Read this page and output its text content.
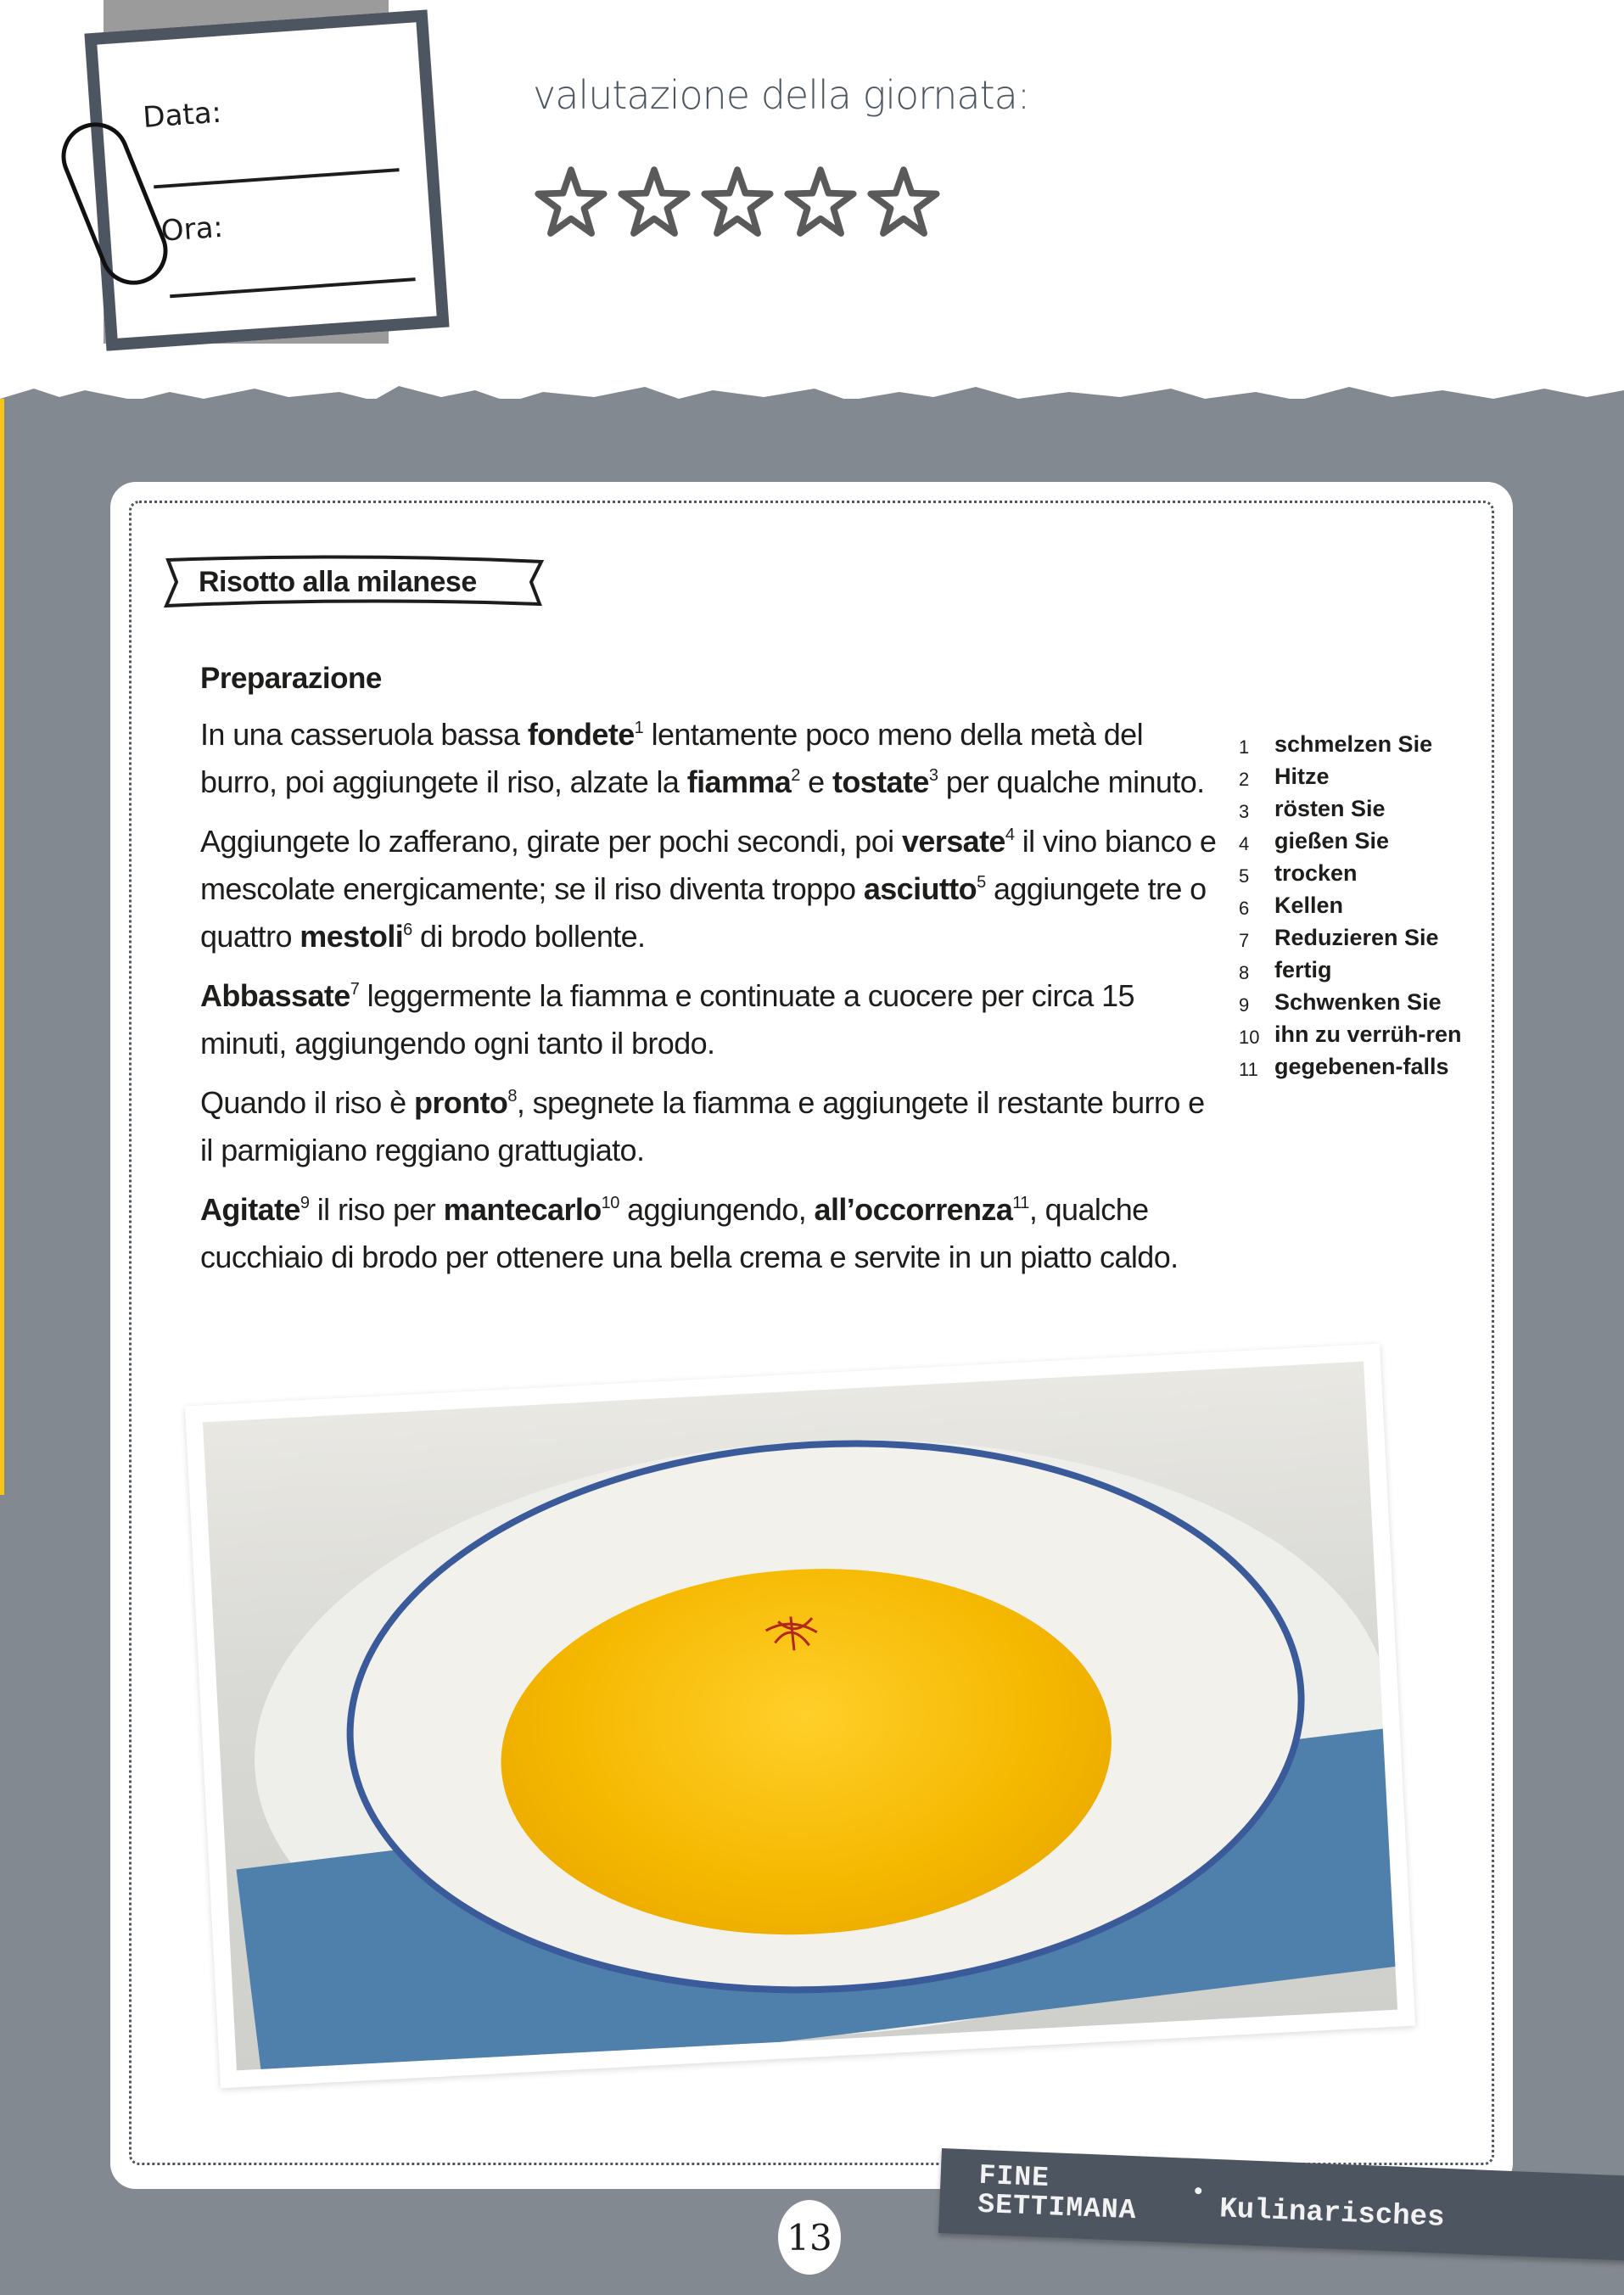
Data:
Ora:
valutazione della giornata:
Risotto alla milanese
Preparazione

In una casseruola bassa fondete$^1$ lentamente poco meno della metà del burro, poi aggiungete il riso, alzate la fiamma$^2$ e tostate$^3$ per qualche minuto.

Aggiungete lo zafferano, girate per pochi secondi, poi versate$^4$ il vino bianco e mescolate energicamente; se il riso diventa troppo asciutto$^5$ aggiungete tre o quattro mestoli$^6$ di brodo bollente.

Abbassate$^7$ leggermente la fiamma e continuate a cuocere per circa 15 minuti, aggiungendo ogni tanto il brodo.

Quando il riso è pronto$^8$, spegnete la fiamma e aggiungete il restante burro e il parmigiano reggiano grattugiato.

Agitate$^9$ il riso per mantecarlo$^{10}$ aggiungendo, all’occorrenza$^{11}$, qualche cucchiaio di brodo per ottenere una bella crema e servite in un piatto caldo.

1	schmelzen Sie
2	Hitze
3	rösten Sie
4	gießen Sie
5	trocken
6	Kellen
7	Reduzieren Sie
8	fertig
9	Schwenken Sie
10 ihn zu verrüh-ren
11 gegebenen-falls
13
FINE
SETTIMANA	Kulinarisches
